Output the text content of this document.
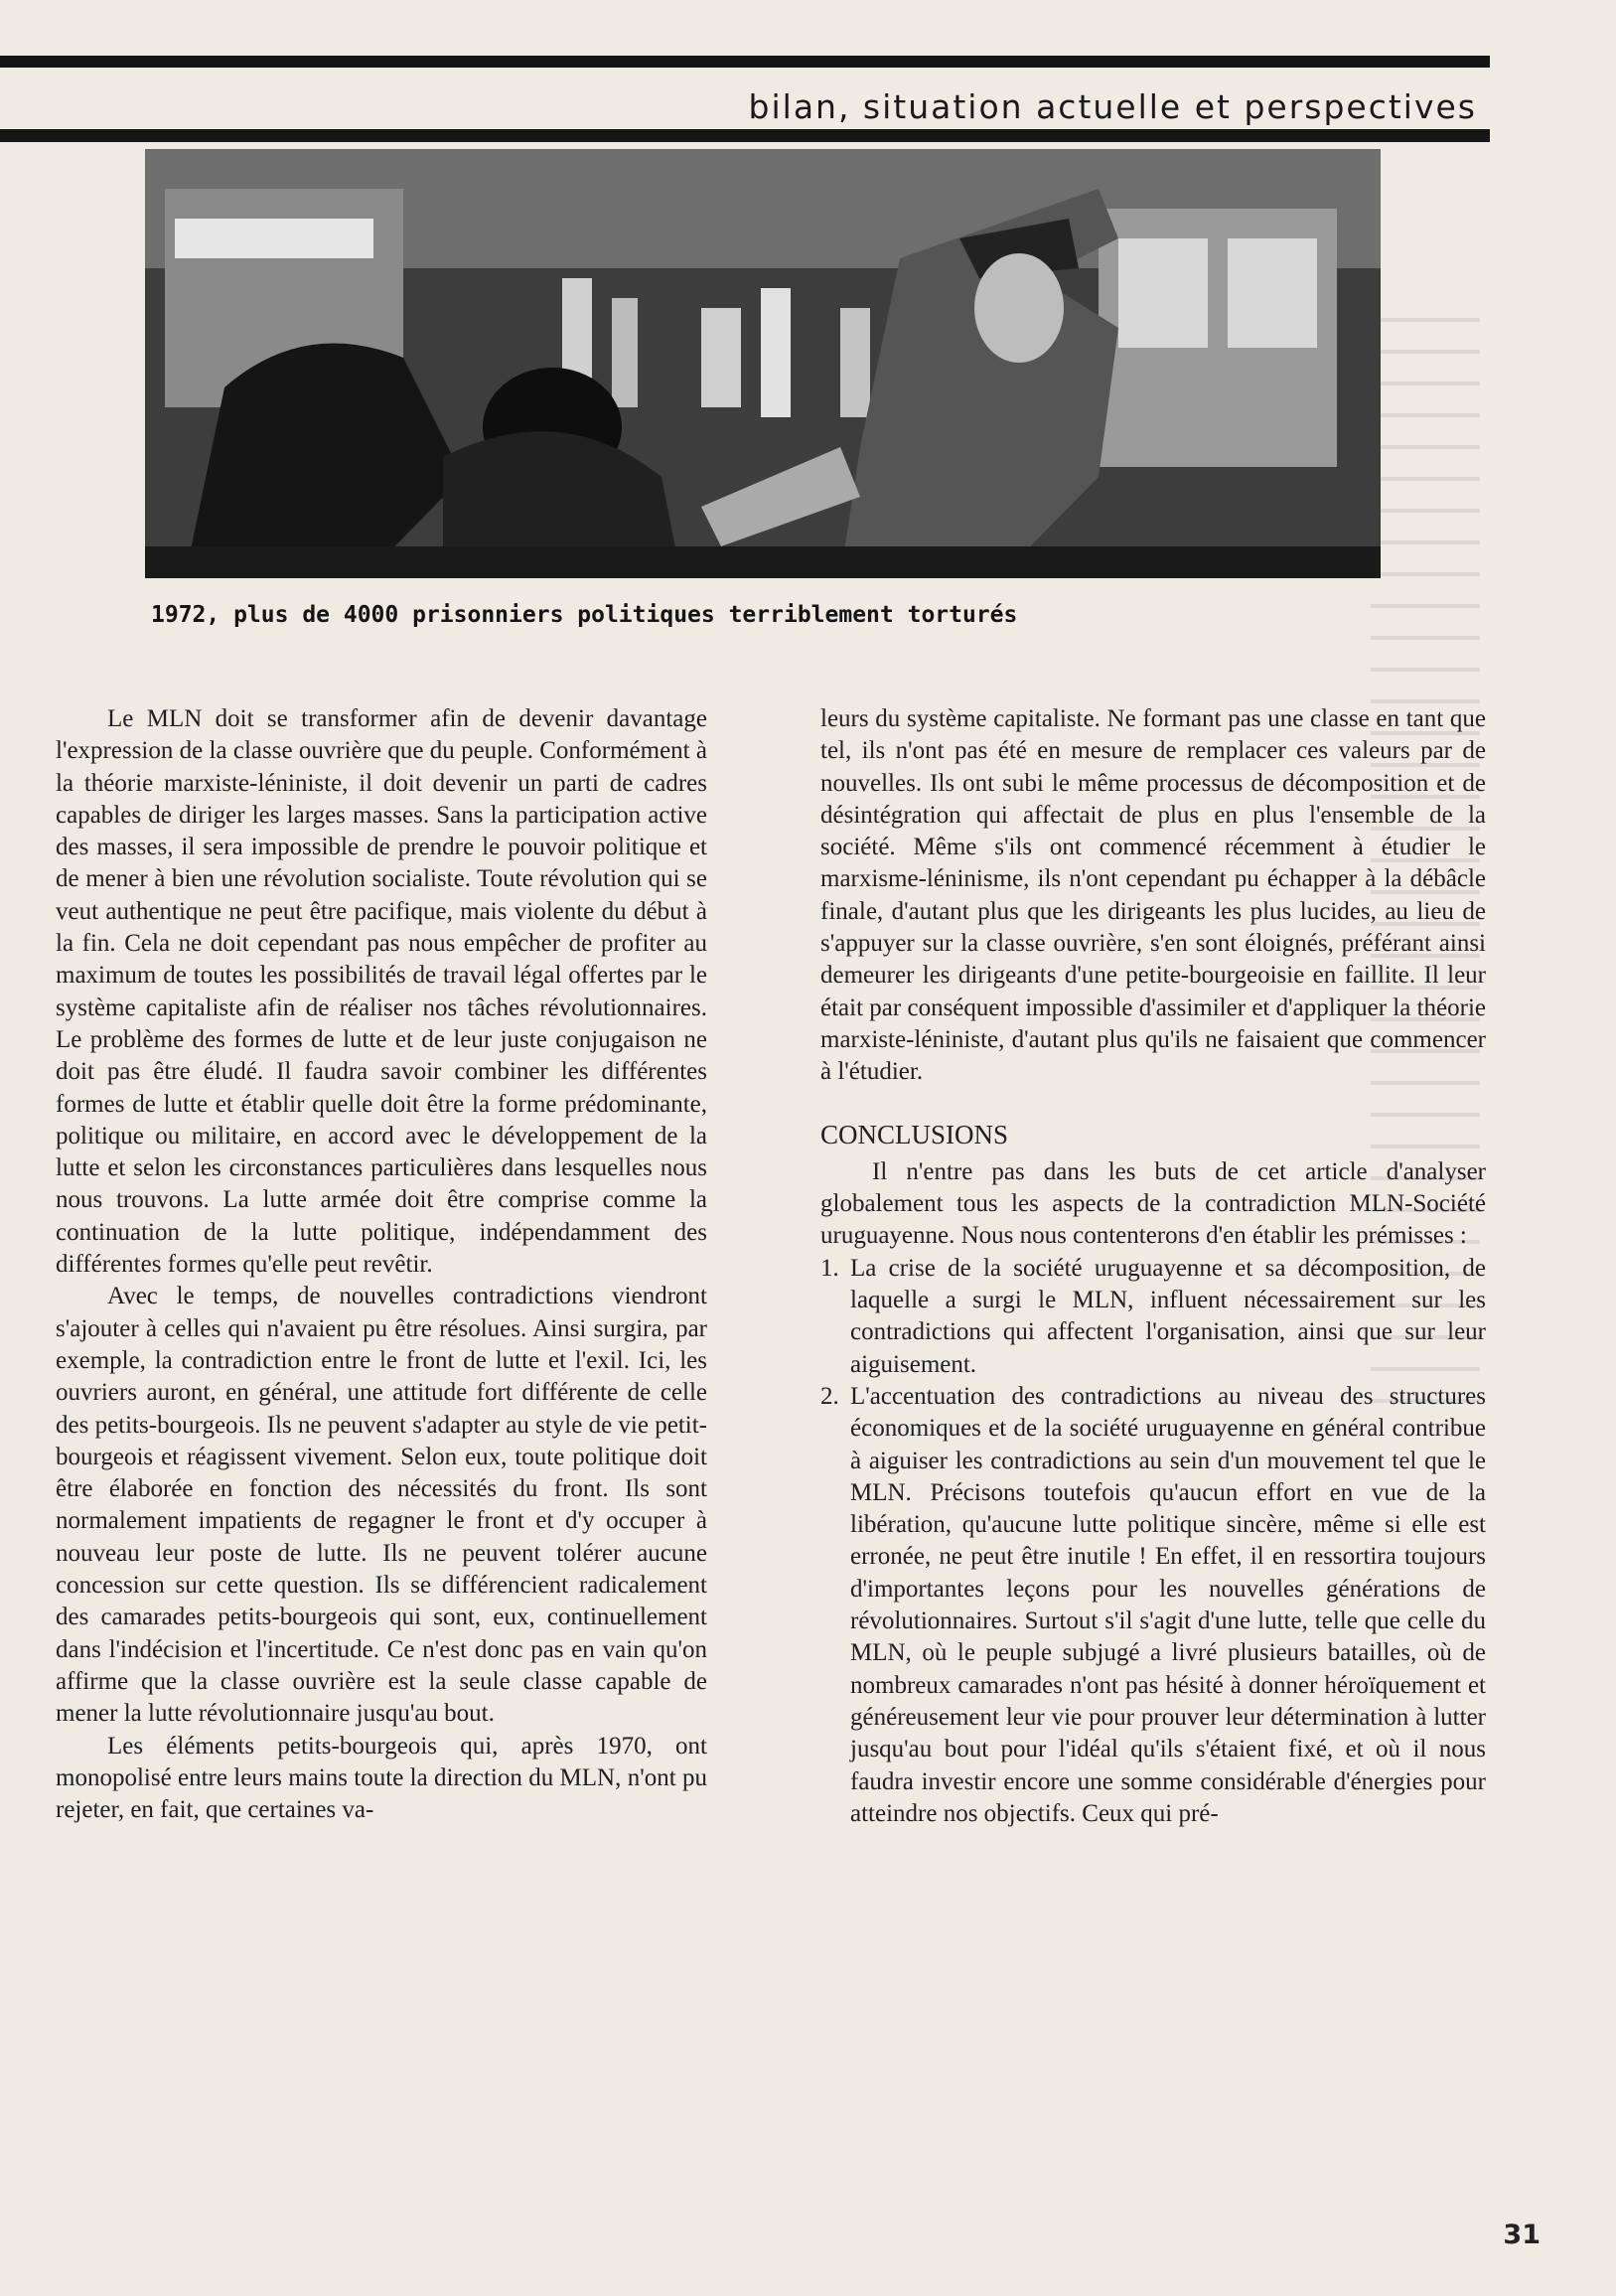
bilan, situation actuelle et perspectives
1972, plus de 4000 prisonniers politiques terriblement torturés

Le MLN doit se transformer afin de devenir davantage l'expression de la classe ouvrière que du peuple. Conformément à la théorie marxiste-léniniste, il doit devenir un parti de cadres capables de diriger les larges masses. Sans la participation active des masses, il sera impossible de prendre le pouvoir politique et de mener à bien une révolution socialiste. Toute révolution qui se veut authentique ne peut être pacifique, mais violente du début à la fin. Cela ne doit cependant pas nous empêcher de profiter au maximum de toutes les possibilités de travail légal offertes par le système capitaliste afin de réaliser nos tâches révolutionnaires. Le problème des formes de lutte et de leur juste conjugaison ne doit pas être éludé. Il faudra savoir combiner les différentes formes de lutte et établir quelle doit être la forme prédominante, politique ou militaire, en accord avec le développement de la lutte et selon les circonstances particulières dans lesquelles nous nous trouvons. La lutte armée doit être comprise comme la continuation de la lutte politique, indépendamment des différentes formes qu'elle peut revêtir.

Avec le temps, de nouvelles contradictions viendront s'ajouter à celles qui n'avaient pu être résolues. Ainsi surgira, par exemple, la contradiction entre le front de lutte et l'exil. Ici, les ouvriers auront, en général, une attitude fort différente de celle des petits-bourgeois. Ils ne peuvent s'adapter au style de vie petit-bourgeois et réagissent vivement. Selon eux, toute politique doit être élaborée en fonction des nécessités du front. Ils sont normalement impatients de regagner le front et d'y occuper à nouveau leur poste de lutte. Ils ne peuvent tolérer aucune concession sur cette question. Ils se différencient radicalement des camarades petits-bourgeois qui sont, eux, continuellement dans l'indécision et l'incertitude. Ce n'est donc pas en vain qu'on affirme que la classe ouvrière est la seule classe capable de mener la lutte révolutionnaire jusqu'au bout.

Les éléments petits-bourgeois qui, après 1970, ont monopolisé entre leurs mains toute la direction du MLN, n'ont pu rejeter, en fait, que certaines va-

leurs du système capitaliste. Ne formant pas une classe en tant que tel, ils n'ont pas été en mesure de remplacer ces valeurs par de nouvelles. Ils ont subi le même processus de décomposition et de désintégration qui affectait de plus en plus l'ensemble de la société. Même s'ils ont commencé récemment à étudier le marxisme-léninisme, ils n'ont cependant pu échapper à la débâcle finale, d'autant plus que les dirigeants les plus lucides, au lieu de s'appuyer sur la classe ouvrière, s'en sont éloignés, préférant ainsi demeurer les dirigeants d'une petite-bourgeoisie en faillite. Il leur était par conséquent impossible d'assimiler et d'appliquer la théorie marxiste-léniniste, d'autant plus qu'ils ne faisaient que commencer à l'étudier.

CONCLUSIONS

Il n'entre pas dans les buts de cet article d'analyser globalement tous les aspects de la contradiction MLN-Société uruguayenne. Nous nous contenterons d'en établir les prémisses :

1. La crise de la société uruguayenne et sa décomposition, de laquelle a surgi le MLN, influent nécessairement sur les contradictions qui affectent l'organisation, ainsi que sur leur aiguisement.
2. L'accentuation des contradictions au niveau des structures économiques et de la société uruguayenne en général contribue à aiguiser les contradictions au sein d'un mouvement tel que le MLN. Précisons toutefois qu'aucun effort en vue de la libération, qu'aucune lutte politique sincère, même si elle est erronée, ne peut être inutile ! En effet, il en ressortira toujours d'importantes leçons pour les nouvelles générations de révolutionnaires. Surtout s'il s'agit d'une lutte, telle que celle du MLN, où le peuple subjugé a livré plusieurs batailles, où de nombreux camarades n'ont pas hésité à donner héroïquement et généreusement leur vie pour prouver leur détermination à lutter jusqu'au bout pour l'idéal qu'ils s'étaient fixé, et où il nous faudra investir encore une somme considérable d'énergies pour atteindre nos objectifs. Ceux qui pré-
31
